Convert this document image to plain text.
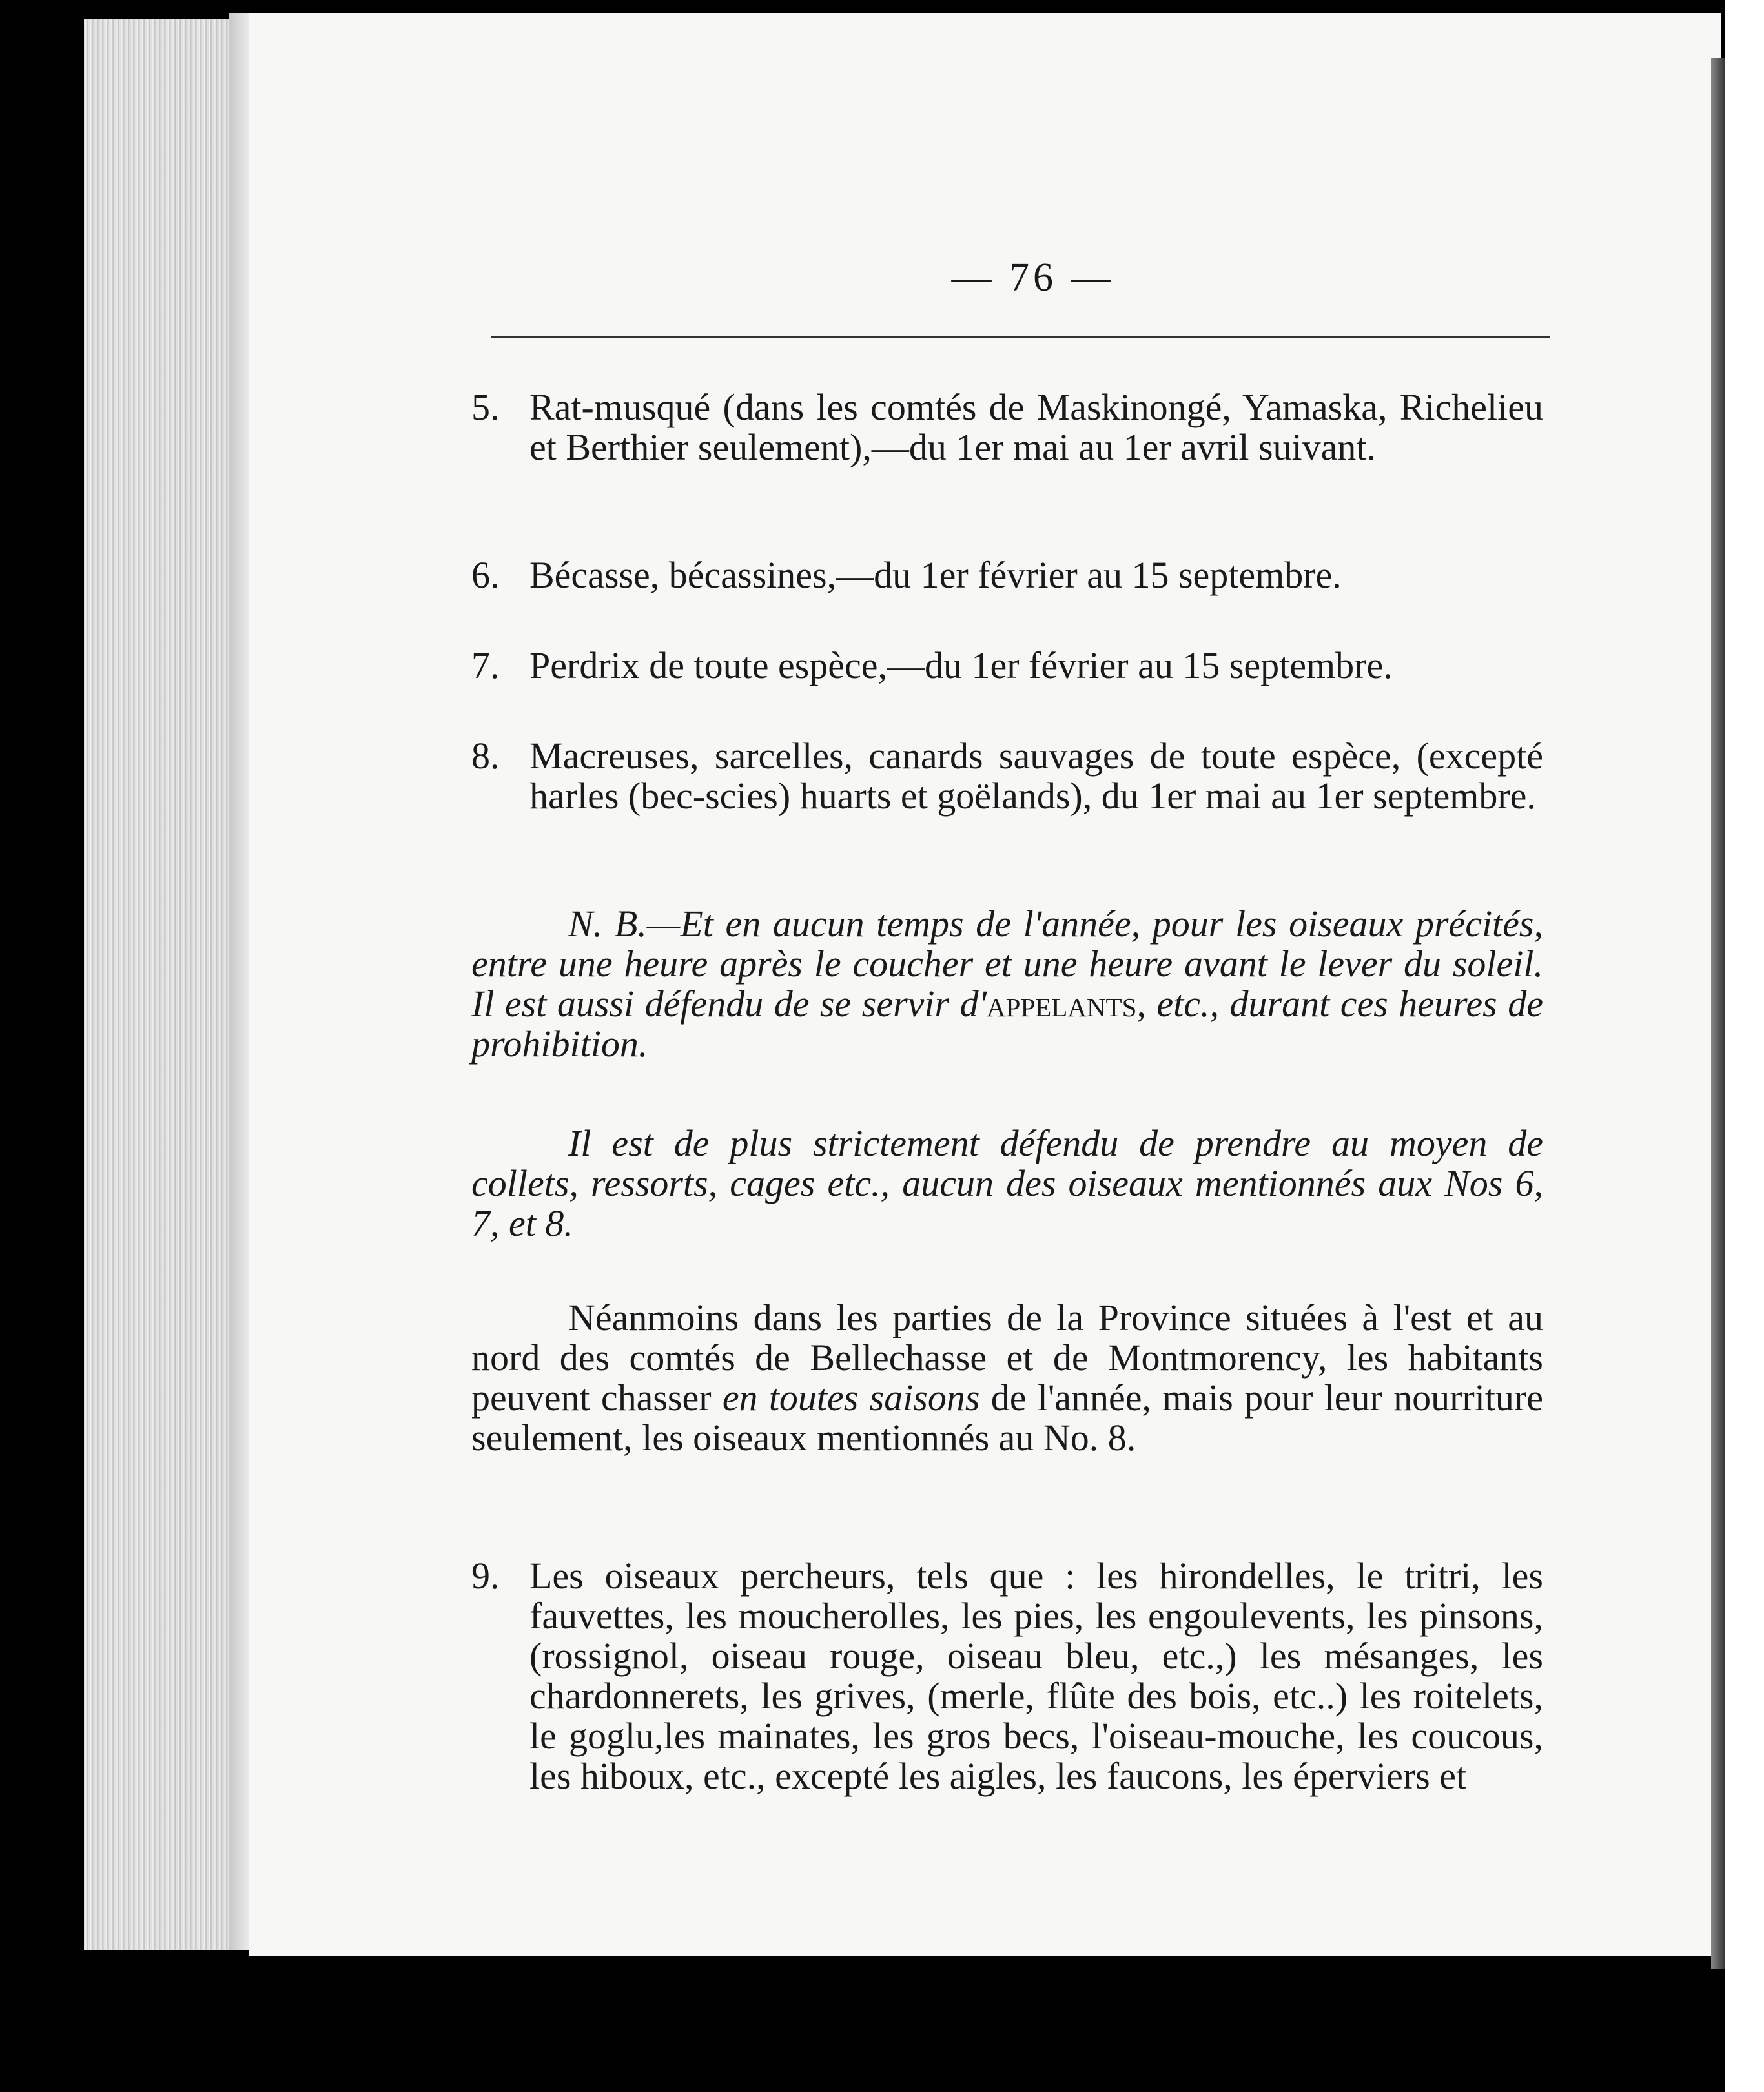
— 76 —
5. Rat-musqué (dans les comtés de Maskinongé, Yamaska, Richelieu et Berthier seulement),—du 1er mai au 1er avril suivant.
6. Bécasse, bécassines,—du 1er février au 15 septembre.
7. Perdrix de toute espèce,—du 1er février au 15 septembre.
8. Macreuses, sarcelles, canards sauvages de toute espèce, (excepté harles (bec-scies) huarts et goëlands), du 1er mai au 1er septembre.
N. B.—Et en aucun temps de l'année, pour les oiseaux précités, entre une heure après le coucher et une heure avant le lever du soleil. Il est aussi défendu de se servir d'appelants, etc., durant ces heures de prohibition.
Il est de plus strictement défendu de prendre au moyen de collets, ressorts, cages etc., aucun des oiseaux mentionnés aux Nos 6, 7, et 8.
Néanmoins dans les parties de la Province situées à l'est et au nord des comtés de Bellechasse et de Montmorency, les habitants peuvent chasser en toutes saisons de l'année, mais pour leur nourriture seulement, les oiseaux mentionnés au No. 8.
9. Les oiseaux percheurs, tels que : les hirondelles, le tritri, les fauvettes, les moucherolles, les pies, les engoulevents, les pinsons, (rossignol, oiseau rouge, oiseau bleu, etc.,) les mésanges, les chardonnerets, les grives, (merle, flûte des bois, etc..) les roitelets, le goglu,les mainates, les gros becs, l'oiseau-mouche, les coucous, les hiboux, etc., excepté les aigles, les faucons, les éperviers et
